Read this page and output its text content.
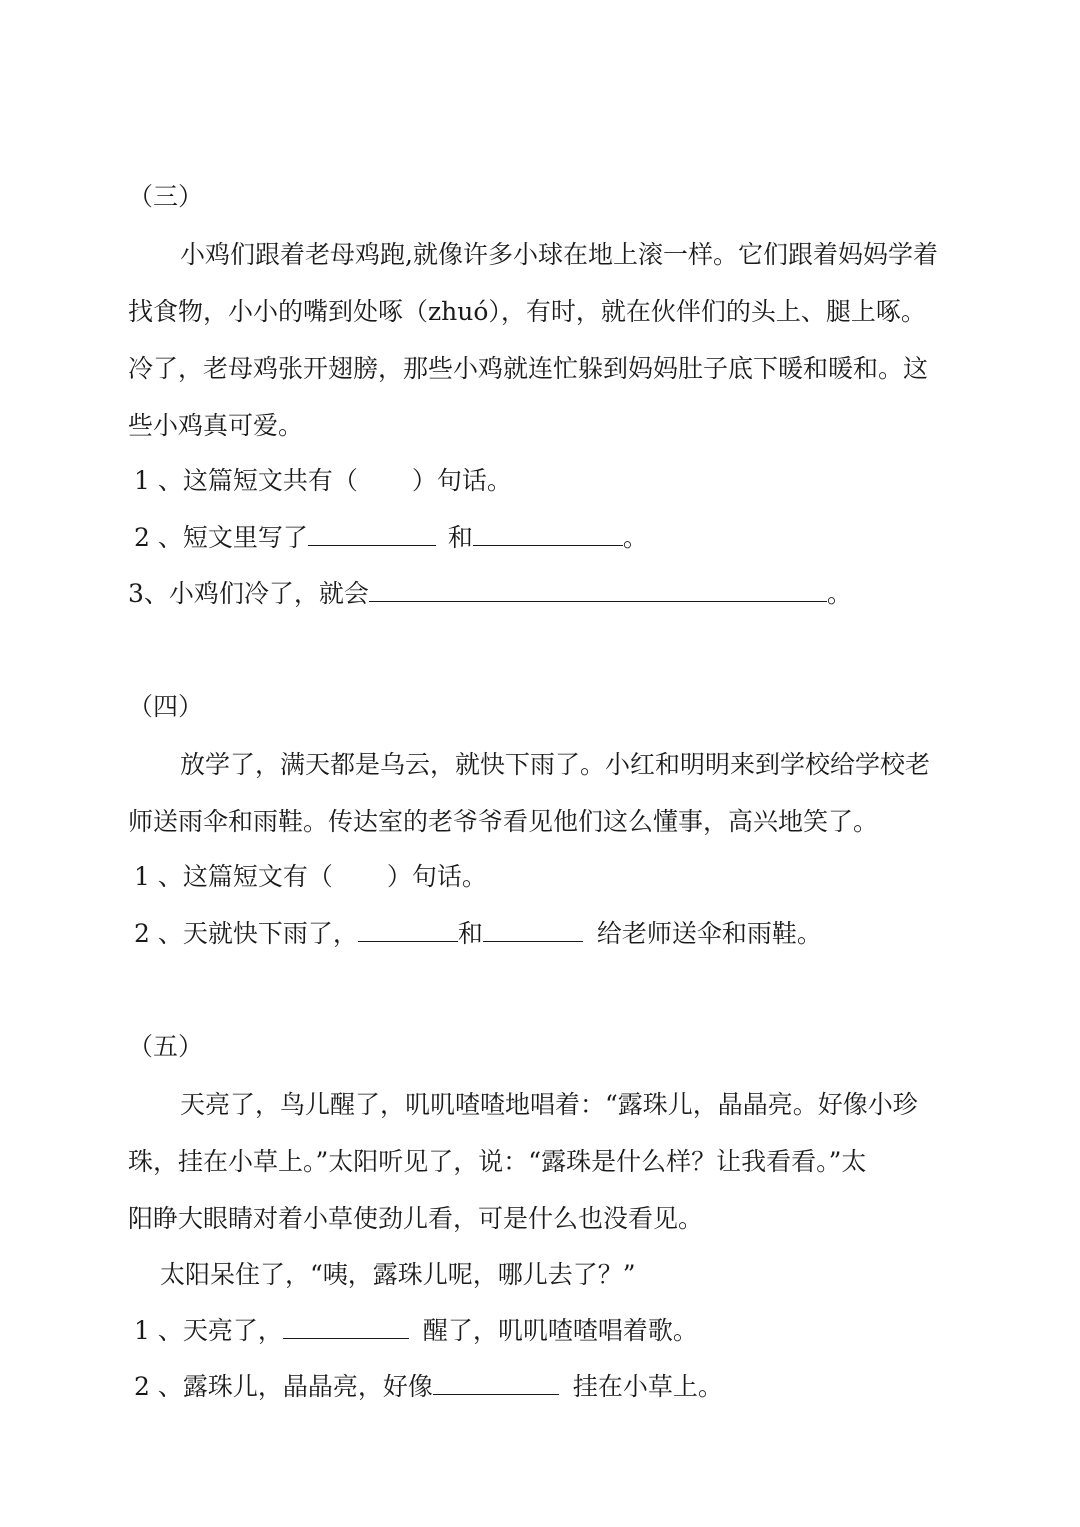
（三）
小鸡们跟着老母鸡跑,就像许多小球在地上滚一样。它们跟着妈妈学着
找食物，小小的嘴到处啄（zhuó），有时，就在伙伴们的头上、腿上啄。
冷了，老母鸡张开翅膀，那些小鸡就连忙躲到妈妈肚子底下暖和暖和。这
些小鸡真可爱。
1 、这篇短文共有（ ）句话。
2 、短文里写了	和	。
3、小鸡们冷了，就会	。
（四）
放学了，满天都是乌云，就快下雨了。小红和明明来到学校给学校老
师送雨伞和雨鞋。传达室的老爷爷看见他们这么懂事，高兴地笑了。
1 、这篇短文有（ ）句话。
2 、天就快下雨了，	和	给老师送伞和雨鞋。
（五）
天亮了，鸟儿醒了，叽叽喳喳地唱着：“露珠儿，晶晶亮。好像小珍
珠，挂在小草上。”太阳听见了，说：“露珠是什么样？让我看看。”太
阳睁大眼睛对着小草使劲儿看，可是什么也没看见。
太阳呆住了，“咦，露珠儿呢，哪儿去了？”
1 、天亮了，	醒了，叽叽喳喳唱着歌。
2 、露珠儿，晶晶亮，好像	挂在小草上。
